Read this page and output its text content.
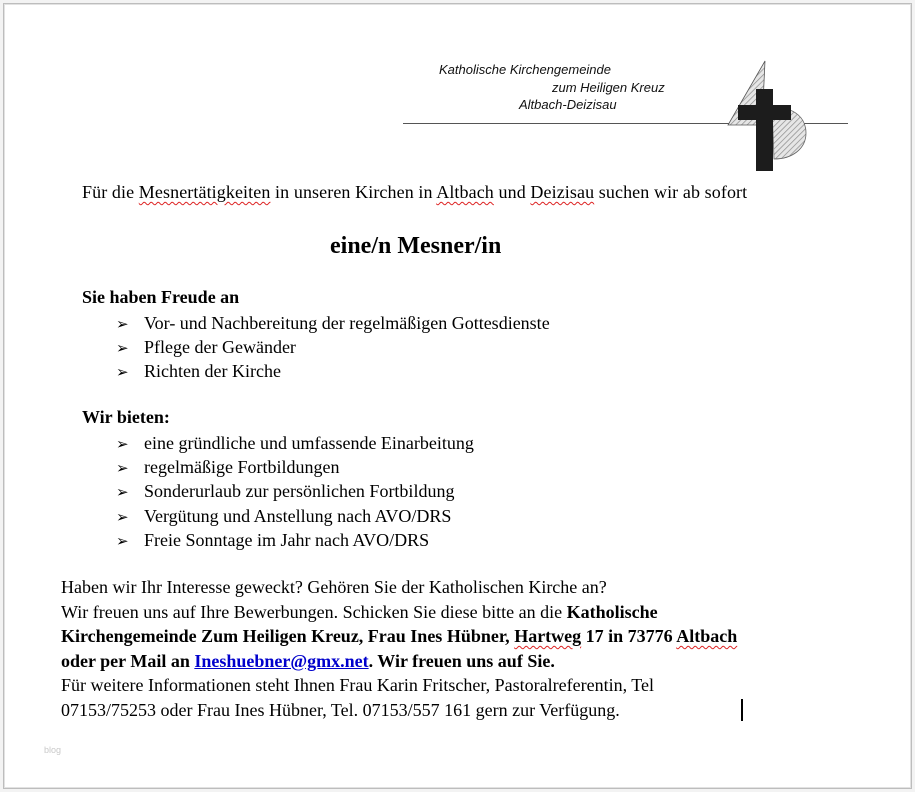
Katholische Kirchengemeinde
zum Heiligen Kreuz
Altbach-Deizisau
Für die Mesnertätigkeiten in unseren Kirchen in Altbach und Deizisau suchen wir ab sofort
eine/n Mesner/in
Sie haben Freude an
➢ Vor- und Nachbereitung der regelmäßigen Gottesdienste
➢ Pflege der Gewänder
➢ Richten der Kirche
Wir bieten:
➢ eine gründliche und umfassende Einarbeitung
➢ regelmäßige Fortbildungen
➢ Sonderurlaub zur persönlichen Fortbildung
➢ Vergütung und Anstellung nach AVO/DRS
➢ Freie Sonntage im Jahr nach AVO/DRS
Haben wir Ihr Interesse geweckt? Gehören Sie der Katholischen Kirche an?
Wir freuen uns auf Ihre Bewerbungen. Schicken Sie diese bitte an die Katholische
Kirchengemeinde Zum Heiligen Kreuz, Frau Ines Hübner, Hartweg 17 in 73776 Altbach
oder per Mail an Ineshuebner@gmx.net. Wir freuen uns auf Sie.
Für weitere Informationen steht Ihnen Frau Karin Fritscher, Pastoralreferentin, Tel
07153/75253 oder Frau Ines Hübner, Tel. 07153/557 161 gern zur Verfügung.
blog
